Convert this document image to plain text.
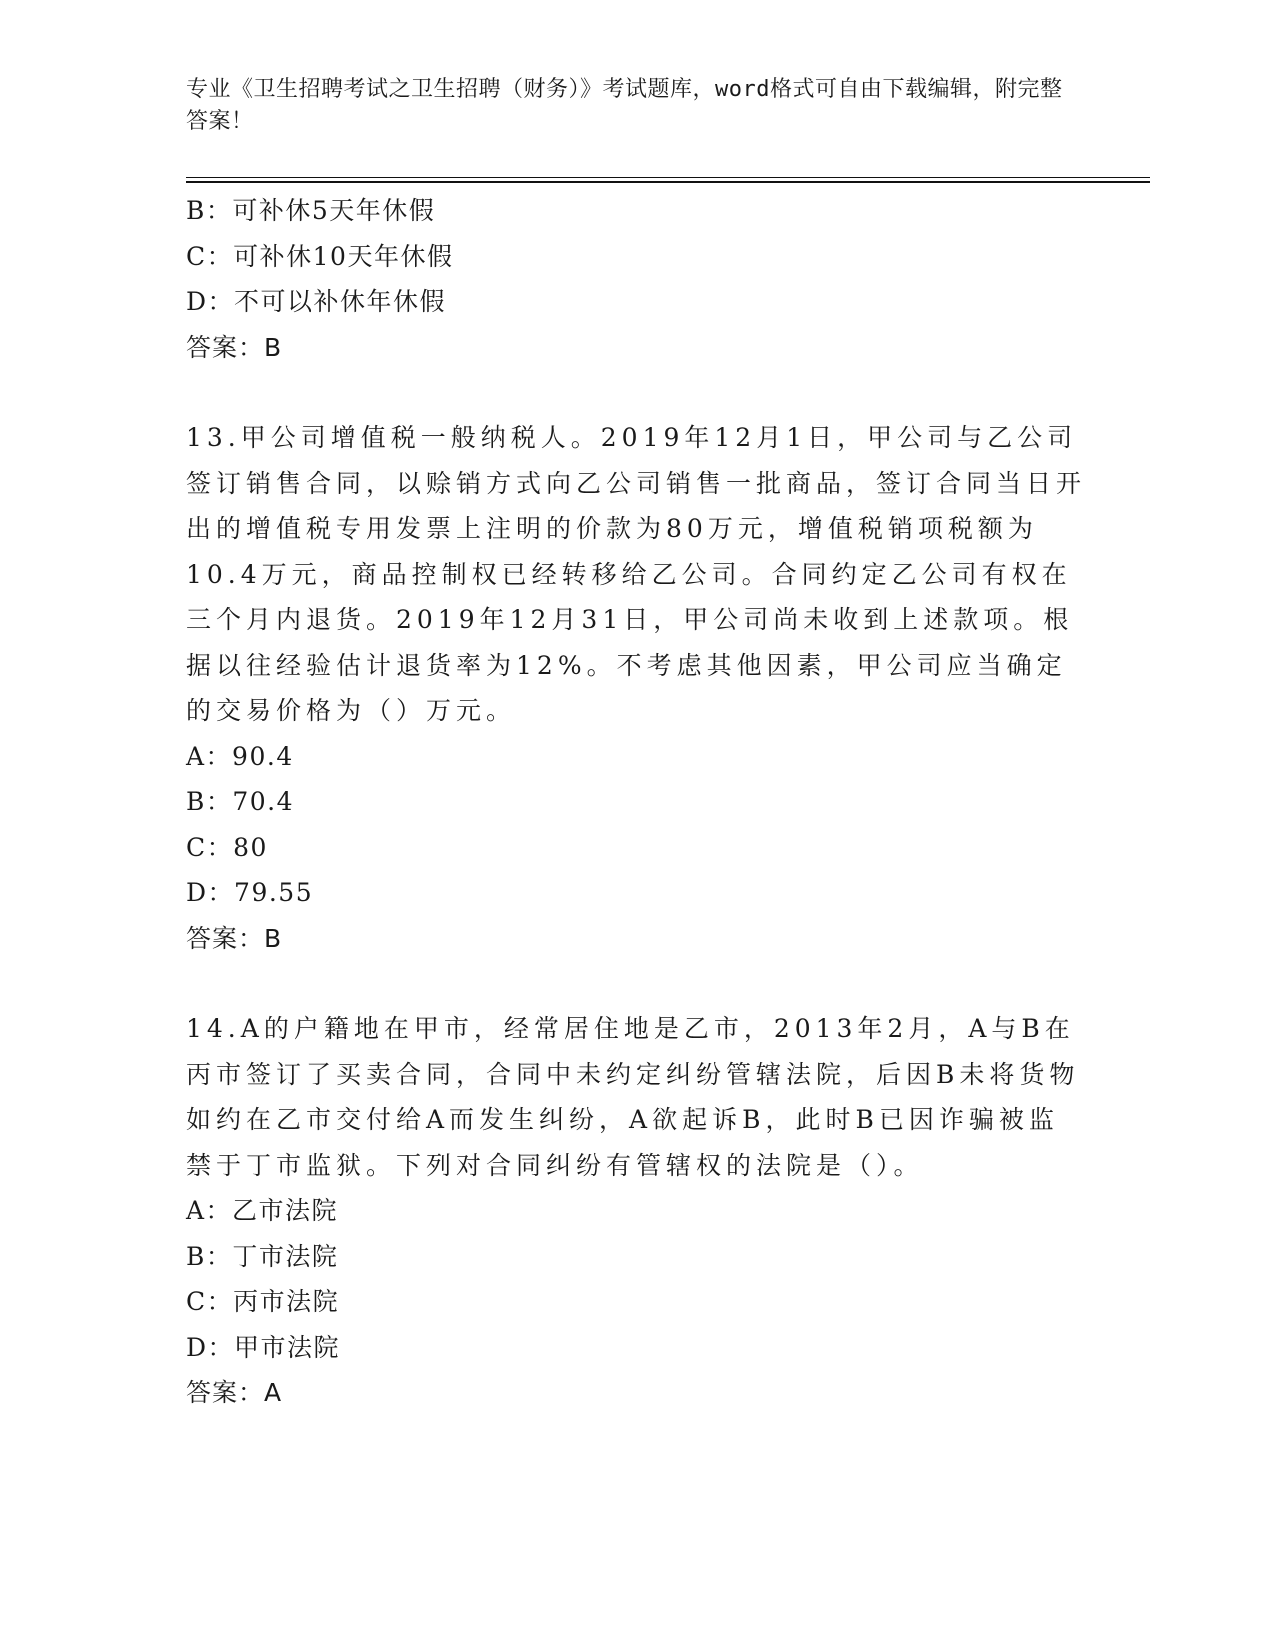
专业《卫生招聘考试之卫生招聘（财务）》考试题库，word格式可自由下载编辑，附完整答案！
B：可补休5天年休假
C：可补休10天年休假
D：不可以补休年休假
答案：B
13.甲公司增值税一般纳税人。2019年12月1日，甲公司与乙公司签订销售合同，以赊销方式向乙公司销售一批商品，签订合同当日开出的增值税专用发票上注明的价款为80万元，增值税销项税额为10.4万元，商品控制权已经转移给乙公司。合同约定乙公司有权在三个月内退货。2019年12月31日，甲公司尚未收到上述款项。根据以往经验估计退货率为12%。不考虑其他因素，甲公司应当确定的交易价格为（）万元。
A：90.4
B：70.4
C：80
D：79.55
答案：B
14.A的户籍地在甲市，经常居住地是乙市，2013年2月，A与B在丙市签订了买卖合同，合同中未约定纠纷管辖法院，后因B未将货物如约在乙市交付给A而发生纠纷，A欲起诉B，此时B已因诈骗被监禁于丁市监狱。下列对合同纠纷有管辖权的法院是（）。
A：乙市法院
B：丁市法院
C：丙市法院
D：甲市法院
答案：A
